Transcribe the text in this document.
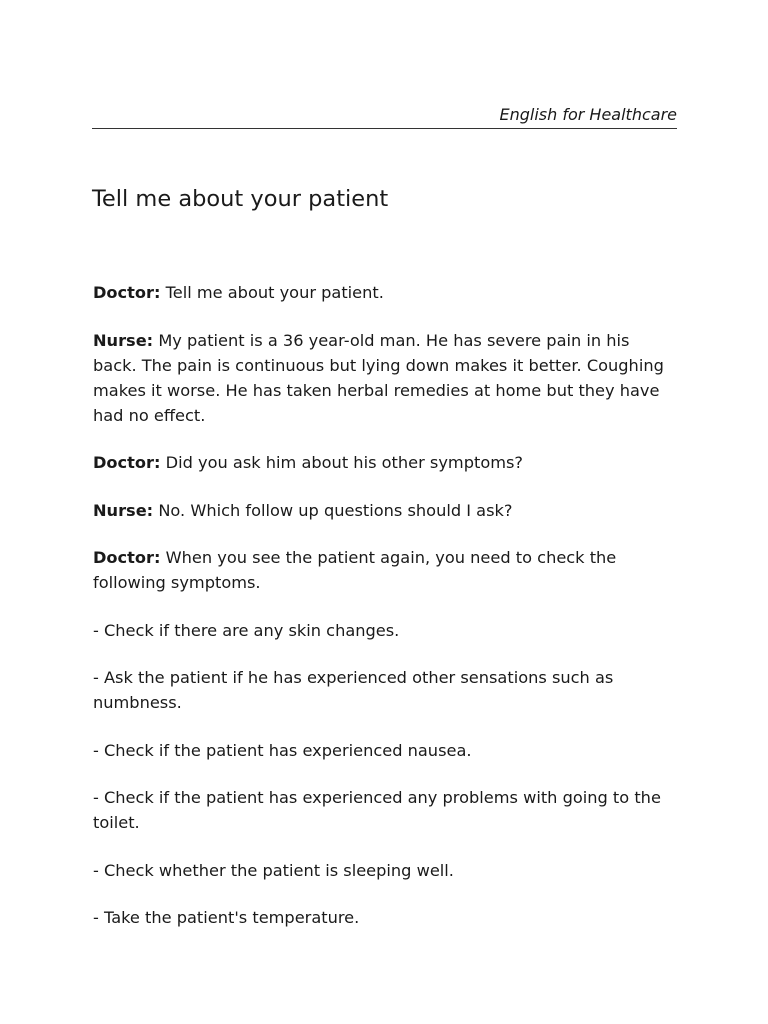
English for Healthcare
Tell me about your patient

Doctor: Tell me about your patient.

Nurse: My patient is a 36 year-old man. He has severe pain in his back. The pain is continuous but lying down makes it better. Coughing makes it worse. He has taken herbal remedies at home but they have had no effect.

Doctor: Did you ask him about his other symptoms?

Nurse: No. Which follow up questions should I ask?

Doctor: When you see the patient again, you need to check the following symptoms.

- Check if there are any skin changes.

- Ask the patient if he has experienced other sensations such as numbness.

- Check if the patient has experienced nausea.

- Check if the patient has experienced any problems with going to the toilet.

- Check whether the patient is sleeping well.

- Take the patient's temperature.
